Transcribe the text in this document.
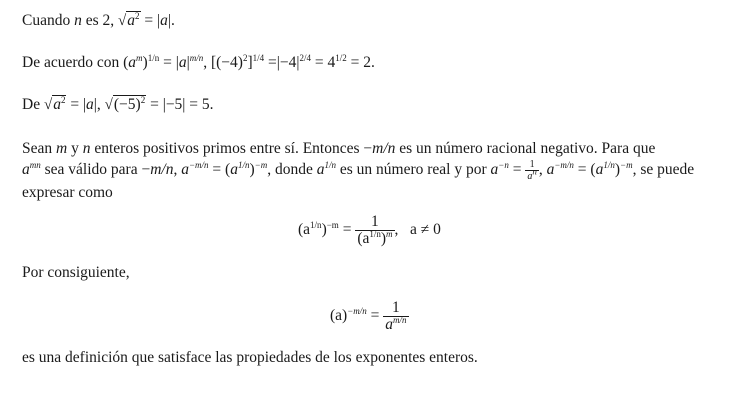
Cuando n es 2, $√a^2 = |a|$.
De acuerdo con $(a^m)^{1/n} = |a|^{m/n}$, $[(-4)^2]^{1/4} =|-4|^{2/4} = 4^{1/2} = 2$.
De $√a^2 = |a|$, $√(-5)^2 = |-5| = 5$.
Sean m y n enteros positivos primos entre sí. Entonces −m/n es un número racional negativo. Para que
$a^{mn}$ sea válido para −m/n, $a^{-m/n} = (a^{1/n})^{-m}$, donde $a^{1/n}$ es un número real y por $a^{-n} = \frac{1}{a^n}$ , $a^{-m/n} = (a^{1/n})^{-m}$, se puede expresar como
$(a^{1/n})^{-m} = \frac{1}{(a^{1/n})^m}$ ,   a ≠ 0
Por consiguiente,
$(a)^{-m/n} = \frac{1}{a^{m/n}}$
es una definición que satisface las propiedades de los exponentes enteros.
